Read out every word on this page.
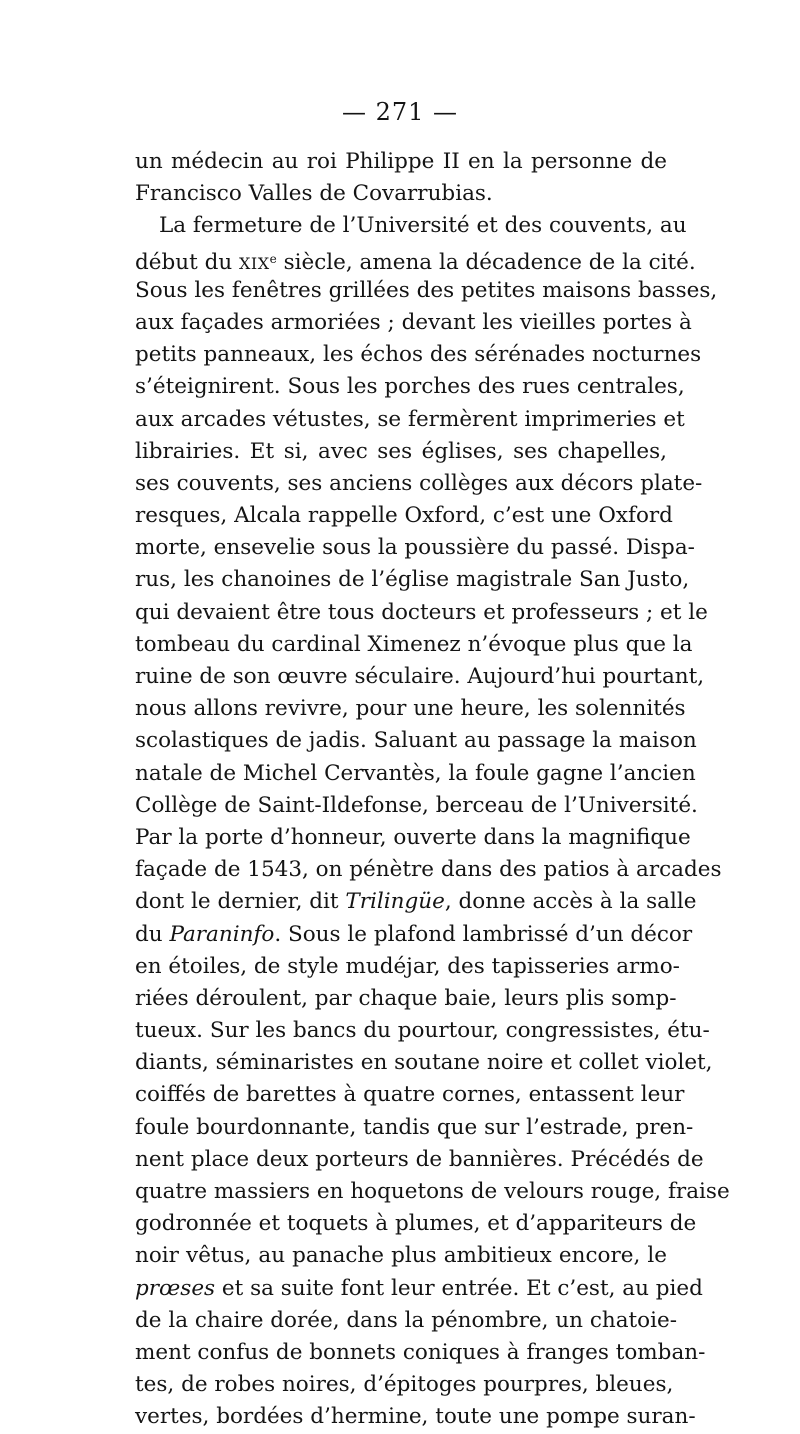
— 271 —
un médecin au roi Philippe II en la personne de
Francisco Valles de Covarrubias.
La fermeture de l’Université et des couvents, au
début du XIXe siècle, amena la décadence de la cité.
Sous les fenêtres grillées des petites maisons basses,
aux façades armoriées ; devant les vieilles portes à
petits panneaux, les échos des sérénades nocturnes
s’éteignirent. Sous les porches des rues centrales,
aux arcades vétustes, se fermèrent imprimeries et
librairies. Et si, avec ses églises, ses chapelles,
ses couvents, ses anciens collèges aux décors plate-
resques, Alcala rappelle Oxford, c’est une Oxford
morte, ensevelie sous la poussière du passé. Dispa-
rus, les chanoines de l’église magistrale San Justo,
qui devaient être tous docteurs et professeurs ; et le
tombeau du cardinal Ximenez n’évoque plus que la
ruine de son œuvre séculaire. Aujourd’hui pourtant,
nous allons revivre, pour une heure, les solennités
scolastiques de jadis. Saluant au passage la maison
natale de Michel Cervantès, la foule gagne l’ancien
Collège de Saint-Ildefonse, berceau de l’Université.
Par la porte d’honneur, ouverte dans la magnifique
façade de 1543, on pénètre dans des patios à arcades
dont le dernier, dit Trilingüe, donne accès à la salle
du Paraninfo. Sous le plafond lambrissé d’un décor
en étoiles, de style mudéjar, des tapisseries armo-
riées déroulent, par chaque baie, leurs plis somp-
tueux. Sur les bancs du pourtour, congressistes, étu-
diants, séminaristes en soutane noire et collet violet,
coiffés de barettes à quatre cornes, entassent leur
foule bourdonnante, tandis que sur l’estrade, pren-
nent place deux porteurs de bannières. Précédés de
quatre massiers en hoquetons de velours rouge, fraise
godronnée et toquets à plumes, et d’appariteurs de
noir vêtus, au panache plus ambitieux encore, le
prœses et sa suite font leur entrée. Et c’est, au pied
de la chaire dorée, dans la pénombre, un chatoie-
ment confus de bonnets coniques à franges tomban-
tes, de robes noires, d’épitoges pourpres, bleues,
vertes, bordées d’hermine, toute une pompe suran-
